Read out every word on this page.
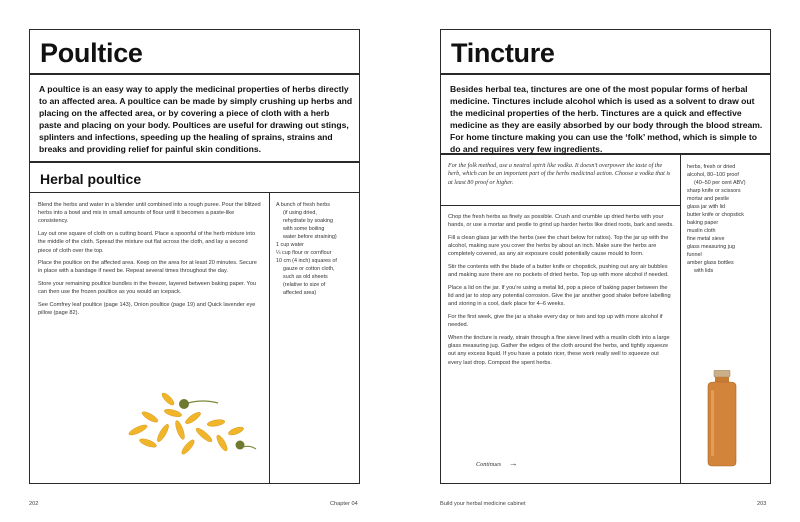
Poultice
A poultice is an easy way to apply the medicinal properties of herbs directly to an affected area. A poultice can be made by simply crushing up herbs and placing on the affected area, or by covering a piece of cloth with a herb paste and placing on your body. Poultices are useful for drawing out stings, splinters and infections, speeding up the healing of sprains, strains and breaks and providing relief for painful skin conditions.
Herbal poultice

Blend the herbs and water in a blender until combined into a rough puree. Pour the blitzed herbs into a bowl and mix in small amounts of flour until it becomes a paste-like consistency.

Lay out one square of cloth on a cutting board. Place a spoonful of the herb mixture into the middle of the cloth. Spread the mixture out flat across the cloth, and lay a second piece of cloth over the top.

Place the poultice on the affected area. Keep on the area for at least 20 minutes. Secure in place with a bandage if need be. Repeat several times throughout the day.

Store your remaining poultice bundles in the freezer, layered between baking paper. You can then use the frozen poultice as you would an icepack.

See Comfrey leaf poultice (page 143), Onion poultice (page 19) and Quick lavender eye pillow (page 82).

A bunch of fresh herbs
(if using dried,
rehydrate by soaking
with some boiling
water before straining)
1 cup water
¼ cup flour or cornflour
10 cm (4 inch) squares of
gauze or cotton cloth,
such as old sheets
(relative to size of
affected area)
202	Chapter 04
Tincture
Besides herbal tea, tinctures are one of the most popular forms of herbal medicine. Tinctures include alcohol which is used as a solvent to draw out the medicinal properties of the herb. Tinctures are a quick and effective medicine as they are easily absorbed by our body through the blood stream. For home tincture making you can use the ‘folk’ method, which is simple to do and requires very few ingredients.
For the folk method, use a neutral spirit like vodka. It doesn’t overpower the taste of the herb, which can be an important part of the herbs medicinal action. Choose a vodka that is at least 80 proof or higher.

Chop the fresh herbs as finely as possible. Crush and crumble up dried herbs with your hands, or use a mortar and pestle to grind up harder herbs like dried roots, bark and seeds.

Fill a clean glass jar with the herbs (see the chart below for ratios). Top the jar up with the alcohol, making sure you cover the herbs by about an inch. Make sure the herbs are completely covered, as any air exposure could potentially cause mould to form.

Stir the contents with the blade of a butter knife or chopstick, pushing out any air bubbles and making sure there are no pockets of dried herbs. Top up with more alcohol if needed.

Place a lid on the jar. If you’re using a metal lid, pop a piece of baking paper between the lid and jar to stop any potential corrosion. Give the jar another good shake before labelling and storing in a cool, dark place for 4–6 weeks.

For the first week, give the jar a shake every day or two and top up with more alcohol if needed.

When the tincture is ready, strain through a fine sieve lined with a muslin cloth into a large glass measuring jug. Gather the edges of the cloth around the herbs, and tightly squeeze out any excess liquid. If you have a potato ricer, these work really well to squeeze out every last drop. Compost the spent herbs.

Continues →
herbs, fresh or dried
alcohol, 80–100 proof
(40–50 per cent ABV)
sharp knife or scissors
mortar and pestle
glass jar with lid
butter knife or chopstick
baking paper
muslin cloth
fine metal sieve
glass measuring jug
funnel
amber glass bottles
with lids
Build your herbal medicine cabinet	203
